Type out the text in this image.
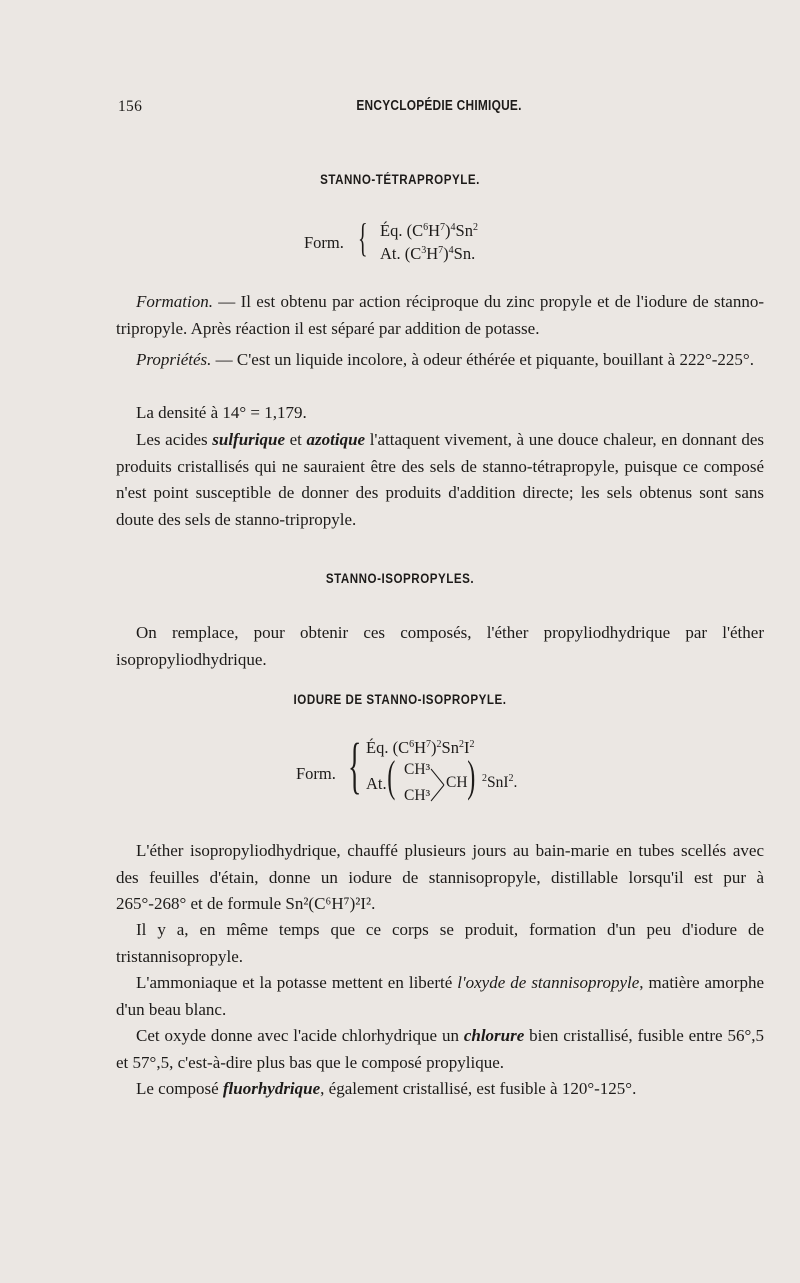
156	ENCYCLOPÉDIE CHIMIQUE.
STANNO-TÉTRAPROPYLE.
Form. { Éq. $(C^6H^7)^4Sn^2$
At. $(C^3H^7)^4Sn$.

Formation. — Il est obtenu par action réciproque du zinc propyle et de l'iodure de stanno-tripropyle. Après réaction il est séparé par addition de potasse.

Propriétés. — C'est un liquide incolore, à odeur éthérée et piquante, bouillant à 222°-225°.

La densité à 14° = 1,179.

Les acides sulfurique et azotique l'attaquent vivement, à une douce chaleur, en donnant des produits cristallisés qui ne sauraient être des sels de stanno-tétrapropyle, puisque ce composé n'est point susceptible de donner des produits d'addition directe; les sels obtenus sont sans doute des sels de stanno-tripropyle.

STANNO-ISOPROPYLES.

On remplace, pour obtenir ces composés, l'éther propyliodhydrique par l'éther isopropyliodhydrique.

IODURE DE STANNO-ISOPROPYLE.
Form. { Éq. $(C^6H^7)^2Sn^2I^2$
At. ( CH³
CH³
CH ) $^2$SnI$^2$.

L'éther isopropyliodhydrique, chauffé plusieurs jours au bain-marie en tubes scellés avec des feuilles d'étain, donne un iodure de stannisopropyle, distillable lorsqu'il est pur à 265°-268° et de formule Sn²(C⁶H⁷)²I².

Il y a, en même temps que ce corps se produit, formation d'un peu d'iodure de tristannisopropyle.

L'ammoniaque et la potasse mettent en liberté l'oxyde de stannisopropyle, matière amorphe d'un beau blanc.

Cet oxyde donne avec l'acide chlorhydrique un chlorure bien cristallisé, fusible entre 56°,5 et 57°,5, c'est-à-dire plus bas que le composé propylique.

Le composé fluorhydrique, également cristallisé, est fusible à 120°-125°.
